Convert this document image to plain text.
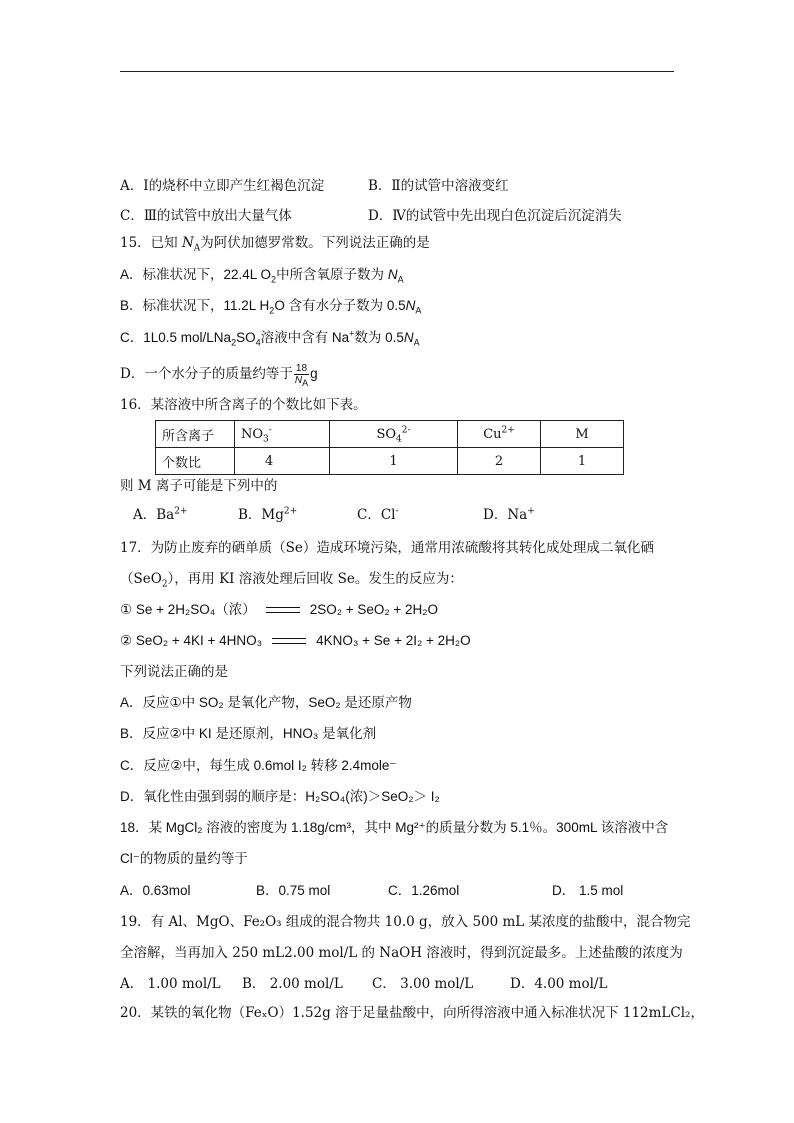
A．Ⅰ的烧杯中立即产生红褐色沉淀	B．Ⅱ的试管中溶液变红
C．Ⅲ的试管中放出大量气体	D．Ⅳ的试管中先出现白色沉淀后沉淀消失
15．已知 $N_A$为阿伏加德罗常数。下列说法正确的是
A．标准状况下，22.4L $O_2$中所含氧原子数为 $N_A$
B．标准状况下，11.2L $H_2O$ 含有水分子数为 $0.5N_A$
C．1L0.5 mol/$LNa_2SO_4$溶液中含有 Na+数为 $0.5N_A$
D．一个水分子的质量约等于 $\frac{18}{N_A}$ g
16．某溶液中所含离子的个数比如下表。
所含离子	$NO_3^-$	$SO_4^{2-}$	$Cu^{2+}$	M
个数比	4	1	2	1
则 M 离子可能是下列中的
A．$Ba^{2+}$	B．$Mg^{2+}$	C．Cl-	D．Na+
17．为防止废弃的硒单质（Se）造成环境污染，通常用浓硫酸将其转化成处理成二氧化硒
（SeO$_2$），再用 KI 溶液处理后回收 Se。发生的反应为：
① Se + 2H₂SO₄（浓）	2SO₂ + SeO₂ + 2H₂O
② SeO₂ + 4KI + 4HNO₃	4KNO₃ + Se + 2I₂ + 2H₂O
下列说法正确的是
A．反应①中 SO₂ 是氧化产物，SeO₂ 是还原产物
B．反应②中 KI 是还原剂，HNO₃ 是氧化剂
C．反应②中，每生成 0.6mol I₂ 转移 2.4mole⁻
D．氧化性由强到弱的顺序是：H₂SO₄(浓)＞SeO₂＞ I₂
18．某 MgCl₂ 溶液的密度为 1.18g/cm³，其中 Mg²⁺的质量分数为 5.1％。300mL 该溶液中含
Cl⁻的物质的量约等于
A．0.63mol	B．0.75 mol	C．1.26mol	D． 1.5 mol
19．有 Al、MgO、Fe₂O₃ 组成的混合物共 10.0 g，放入 500 mL 某浓度的盐酸中，混合物完
全溶解，当再加入 250 mL2.00 mol/L 的 NaOH 溶液时，得到沉淀最多。上述盐酸的浓度为
A． 1.00 mol/L B． 2.00 mol/L C． 3.00 mol/L	D．4.00 mol/L
20．某铁的氧化物（FeₓO）1.52g 溶于足量盐酸中，向所得溶液中通入标准状况下 112mLCl₂，
